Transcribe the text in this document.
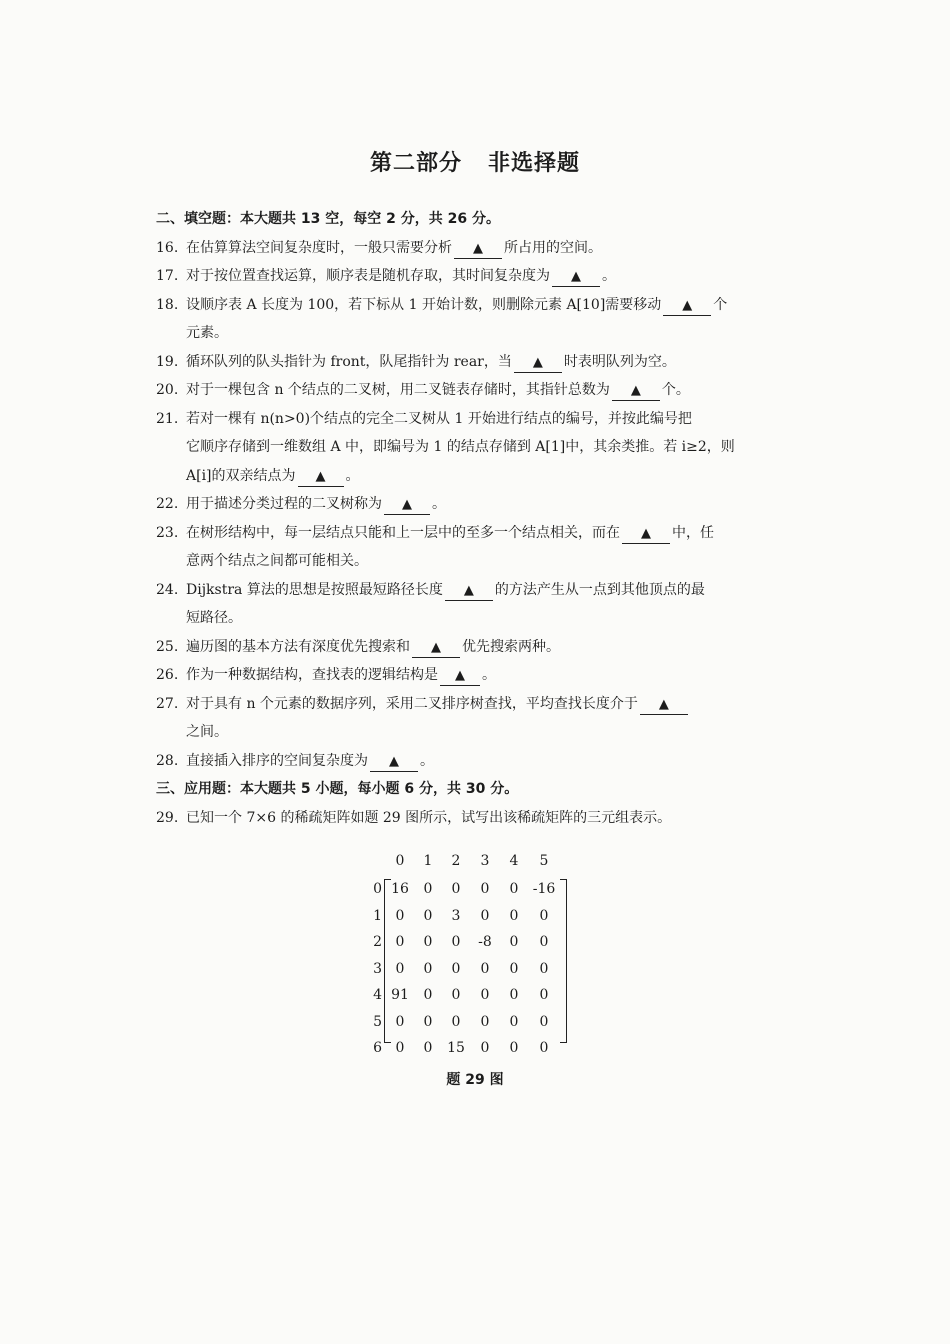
第二部分 非选择题
二、填空题：本大题共 13 空，每空 2 分，共 26 分。
16. 在估算算法空间复杂度时，一般只需要分析 ▲ 所占用的空间。
17. 对于按位置查找运算，顺序表是随机存取，其时间复杂度为 ▲ 。
18. 设顺序表 A 长度为 100，若下标从 1 开始计数，则删除元素 A[10]需要移动 ▲ 个
元素。
19. 循环队列的队头指针为 front，队尾指针为 rear，当 ▲ 时表明队列为空。
20. 对于一棵包含 n 个结点的二叉树，用二叉链表存储时，其指针总数为 ▲ 个。
21. 若对一棵有 n(n>0)个结点的完全二叉树从 1 开始进行结点的编号，并按此编号把
它顺序存储到一维数组 A 中，即编号为 1 的结点存储到 A[1]中，其余类推。若 i≥2，则
A[i]的双亲结点为 ▲ 。
22. 用于描述分类过程的二叉树称为 ▲ 。
23. 在树形结构中，每一层结点只能和上一层中的至多一个结点相关，而在 ▲ 中，任
意两个结点之间都可能相关。
24. Dijkstra 算法的思想是按照最短路径长度 ▲ 的方法产生从一点到其他顶点的最
短路径。
25. 遍历图的基本方法有深度优先搜索和 ▲ 优先搜索两种。
26. 作为一种数据结构，查找表的逻辑结构是 ▲ 。
27. 对于具有 n 个元素的数据序列，采用二叉排序树查找，平均查找长度介于 ▲
之间。
28. 直接插入排序的空间复杂度为 ▲ 。
三、应用题：本大题共 5 小题，每小题 6 分，共 30 分。
29. 已知一个 7×6 的稀疏矩阵如题 29 图所示，试写出该稀疏矩阵的三元组表示。
0	1	2	3	4	5
0 16	0	0	0	0	-16
1 0	0	3	0	0	0
2 0	0	0	-8	0	0
3 0	0	0	0	0	0
4 91	0	0	0	0	0
5 0	0	0	0	0	0
6 0	0	15	0	0	0
题 29 图
